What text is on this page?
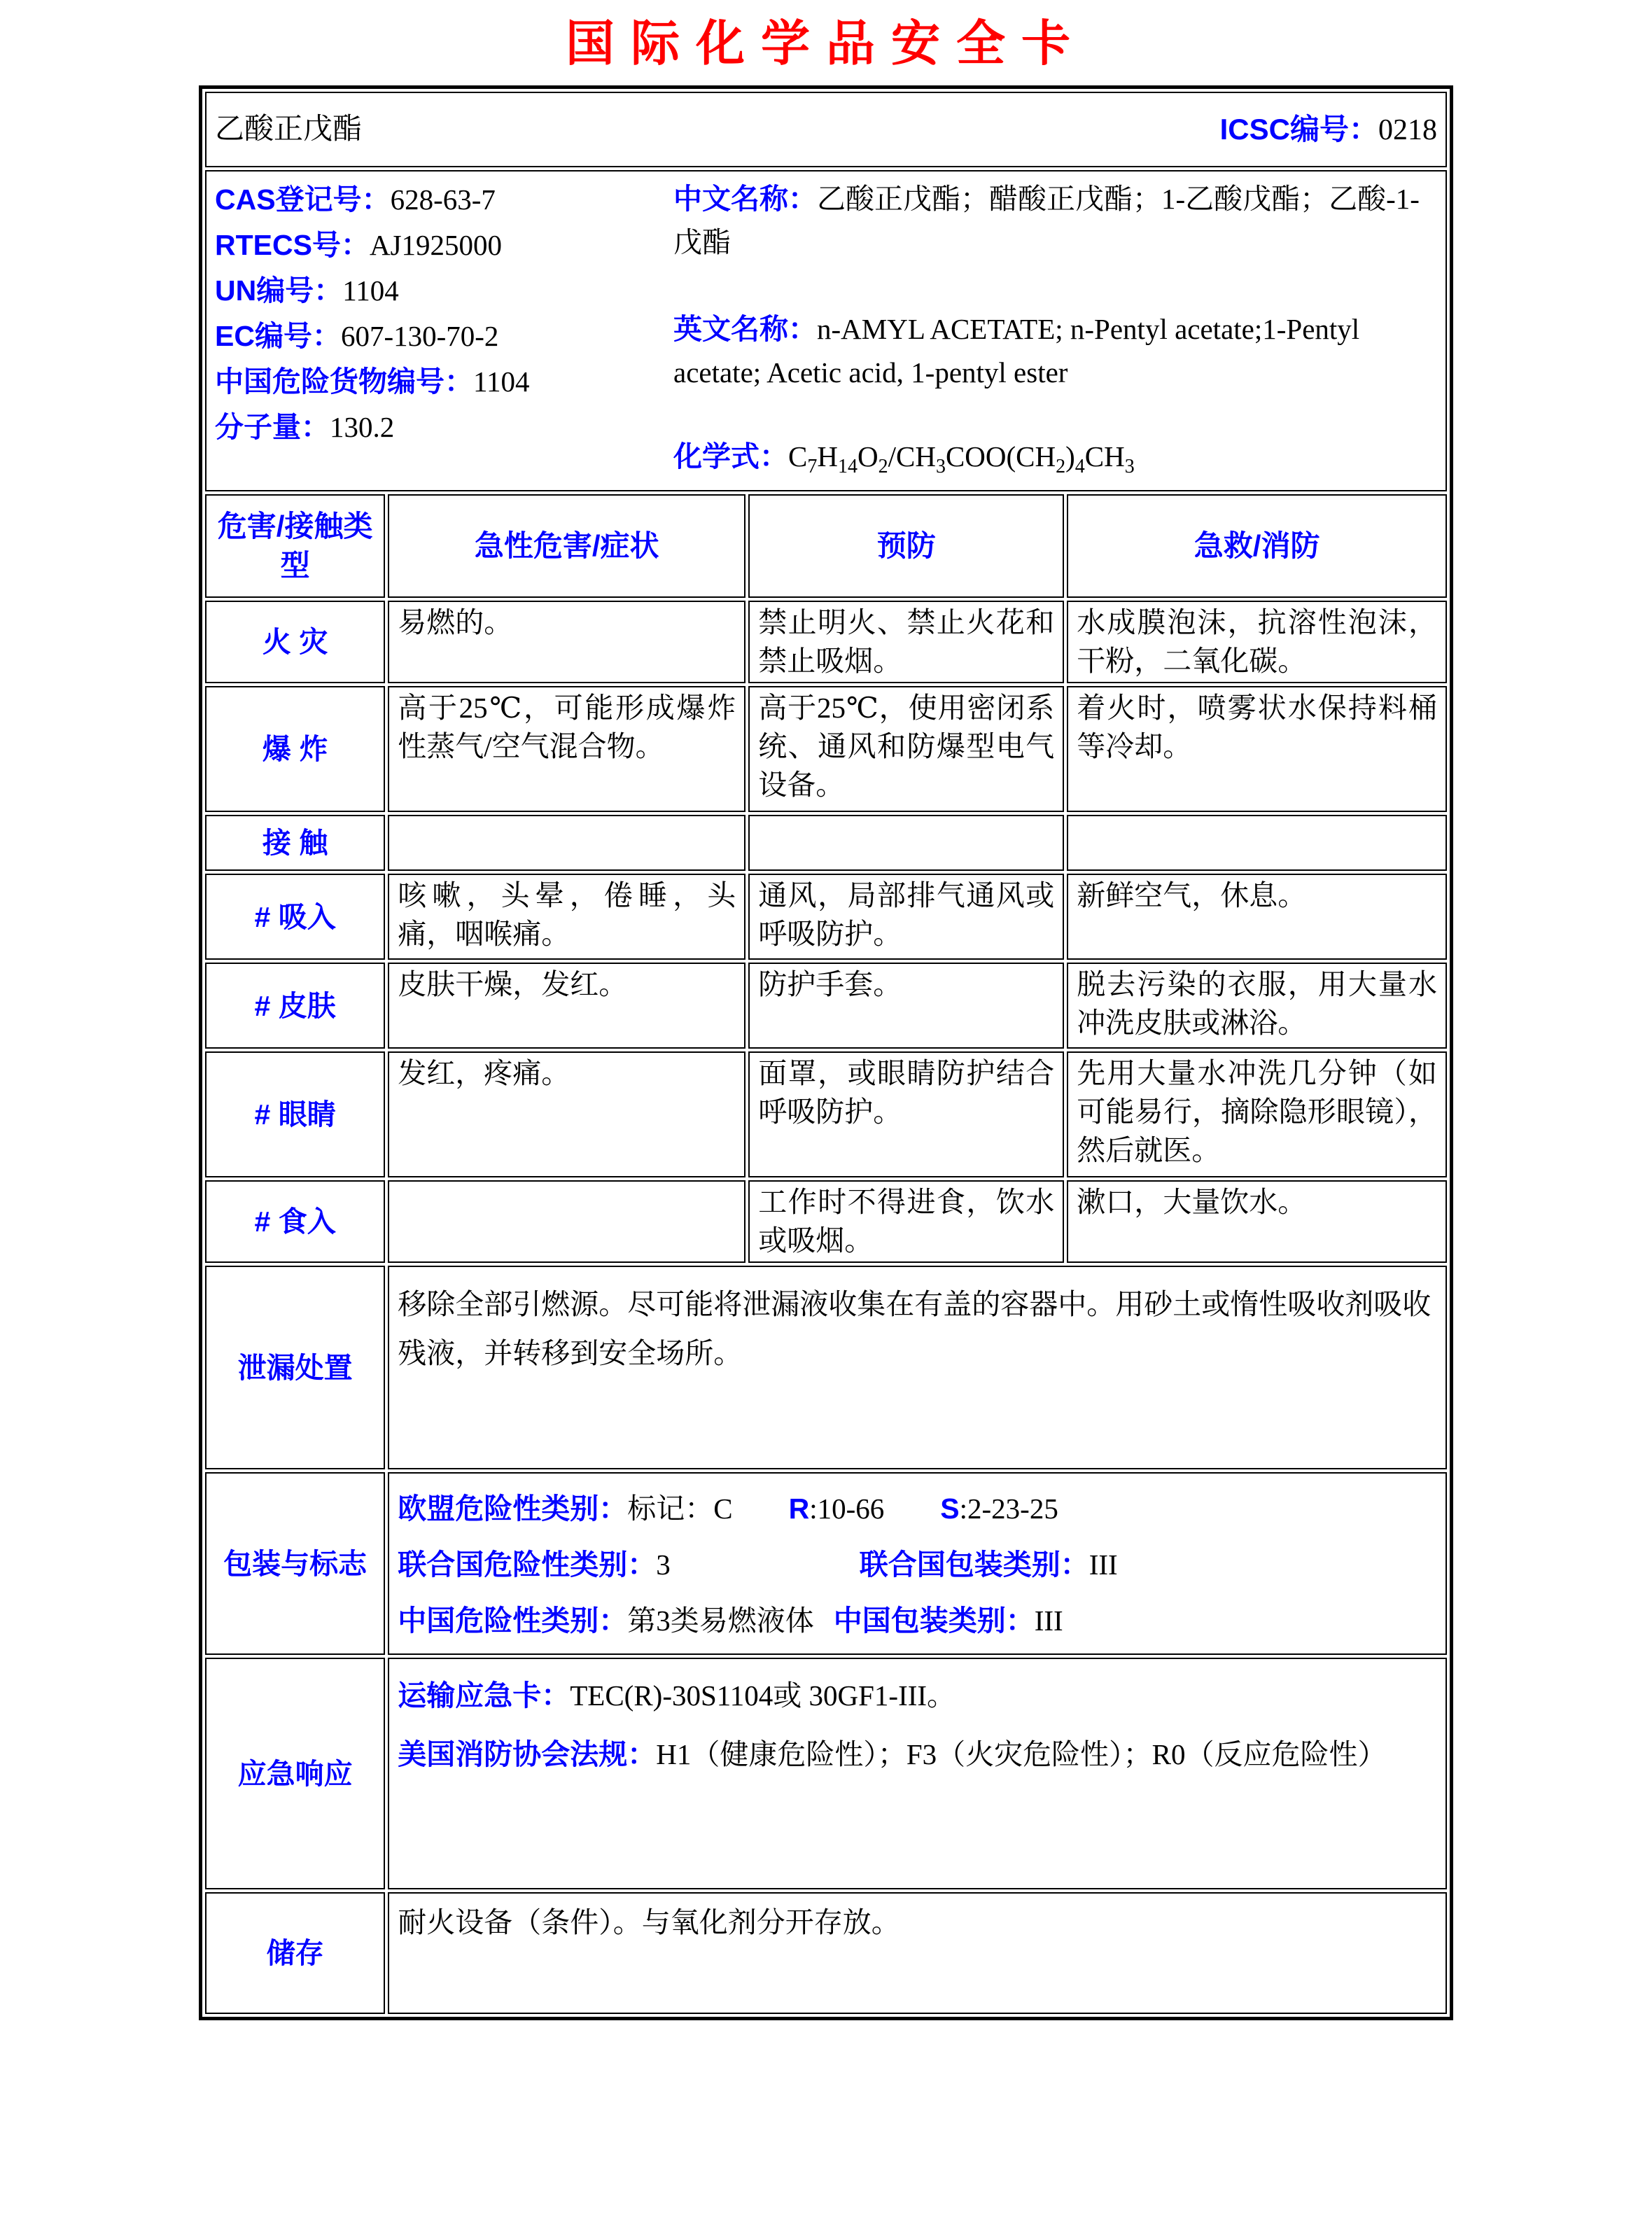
国际化学品安全卡
乙酸正戊酯 ICSC编号：0218			

CAS登记号：628-63-7
RTECS号：AJ1925000
UN编号：1104
EC编号：607-130-70-2
中国危险货物编号：1104
分子量：130.2
中文名称：乙酸正戊酯；醋酸正戊酯；1-乙酸戊酯；乙酸-1-戊酯
英文名称：n-AMYL ACETATE; n-Pentyl acetate;1-Pentyl acetate; Acetic acid, 1-pentyl ester
化学式：$C_7H_{14}O_2/CH_3COO(CH_2)_4CH_3$

危害/接触类型	急性危害/症状	预防	急救/消防
火 灾	易燃的。	禁止明火、禁止火花和禁止吸烟。	水成膜泡沫，抗溶性泡沫，干粉，二氧化碳。
爆 炸	高于25℃，可能形成爆炸性蒸气/空气混合物。	高于25℃，使用密闭系统、通风和防爆型电气设备。	着火时，喷雾状水保持料桶等冷却。
接 触			
# 吸入	咳嗽，头晕，倦睡，头痛，咽喉痛。	通风，局部排气通风或呼吸防护。	新鲜空气，休息。
# 皮肤	皮肤干燥，发红。	防护手套。	脱去污染的衣服，用大量水冲洗皮肤或淋浴。
# 眼睛	发红，疼痛。	面罩，或眼睛防护结合呼吸防护。	先用大量水冲洗几分钟（如可能易行，摘除隐形眼镜），然后就医。
# 食入		工作时不得进食，饮水或吸烟。	漱口，大量饮水。
泄漏处置	移除全部引燃源。尽可能将泄漏液收集在有盖的容器中。用砂土或惰性吸收剂吸收残液，并转移到安全场所。		

包装与标志	欧盟危险性类别：标记：C R:10-66 S:2-23-25
联合国危险性类别：3 联合国包装类别：III
中国危险性类别：第3类易燃液体 中国包装类别：III		

应急响应	运输应急卡：TEC(R)-30S1104或 30GF1-III。
美国消防协会法规：H1（健康危险性）；F3（火灾危险性）；R0（反应危险性）		

储存	耐火设备（条件）。与氧化剂分开存放。		
